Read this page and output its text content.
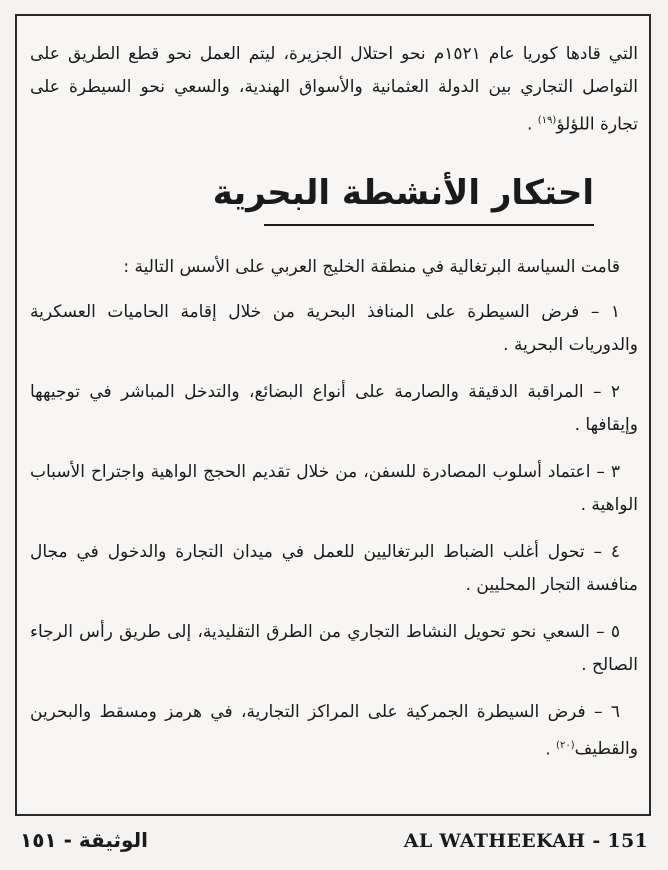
التي قادها كوريا عام ١٥٢١م نحو احتلال الجزيرة، ليتم العمل نحو قطع الطريق على التواصل التجاري بين الدولة العثمانية والأسواق الهندية، والسعي نحو السيطرة على تجارة اللؤلؤ$^{(١٩)}$ .

احتكار الأنشطة البحرية

قامت السياسة البرتغالية في منطقة الخليج العربي على الأسس التالية :

١ – فرض السيطرة على المنافذ البحرية من خلال إقامة الحاميات العسكرية والدوريات البحرية .
٢ – المراقبة الدقيقة والصارمة على أنواع البضائع، والتدخل المباشر في توجيهها وإيقافها .
٣ – اعتماد أسلوب المصادرة للسفن، من خلال تقديم الحجج الواهية واجتراح الأسباب الواهية .
٤ – تحول أغلب الضباط البرتغاليين للعمل في ميدان التجارة والدخول في مجال منافسة التجار المحليين .
٥ – السعي نحو تحويل النشاط التجاري من الطرق التقليدية، إلى طريق رأس الرجاء الصالح .
٦ – فرض السيطرة الجمركية على المراكز التجارية، في هرمز ومسقط والبحرين والقطيف$^{(٢٠)}$ .
الوثيقة - ١٥١	AL WATHEEKAH - 151
